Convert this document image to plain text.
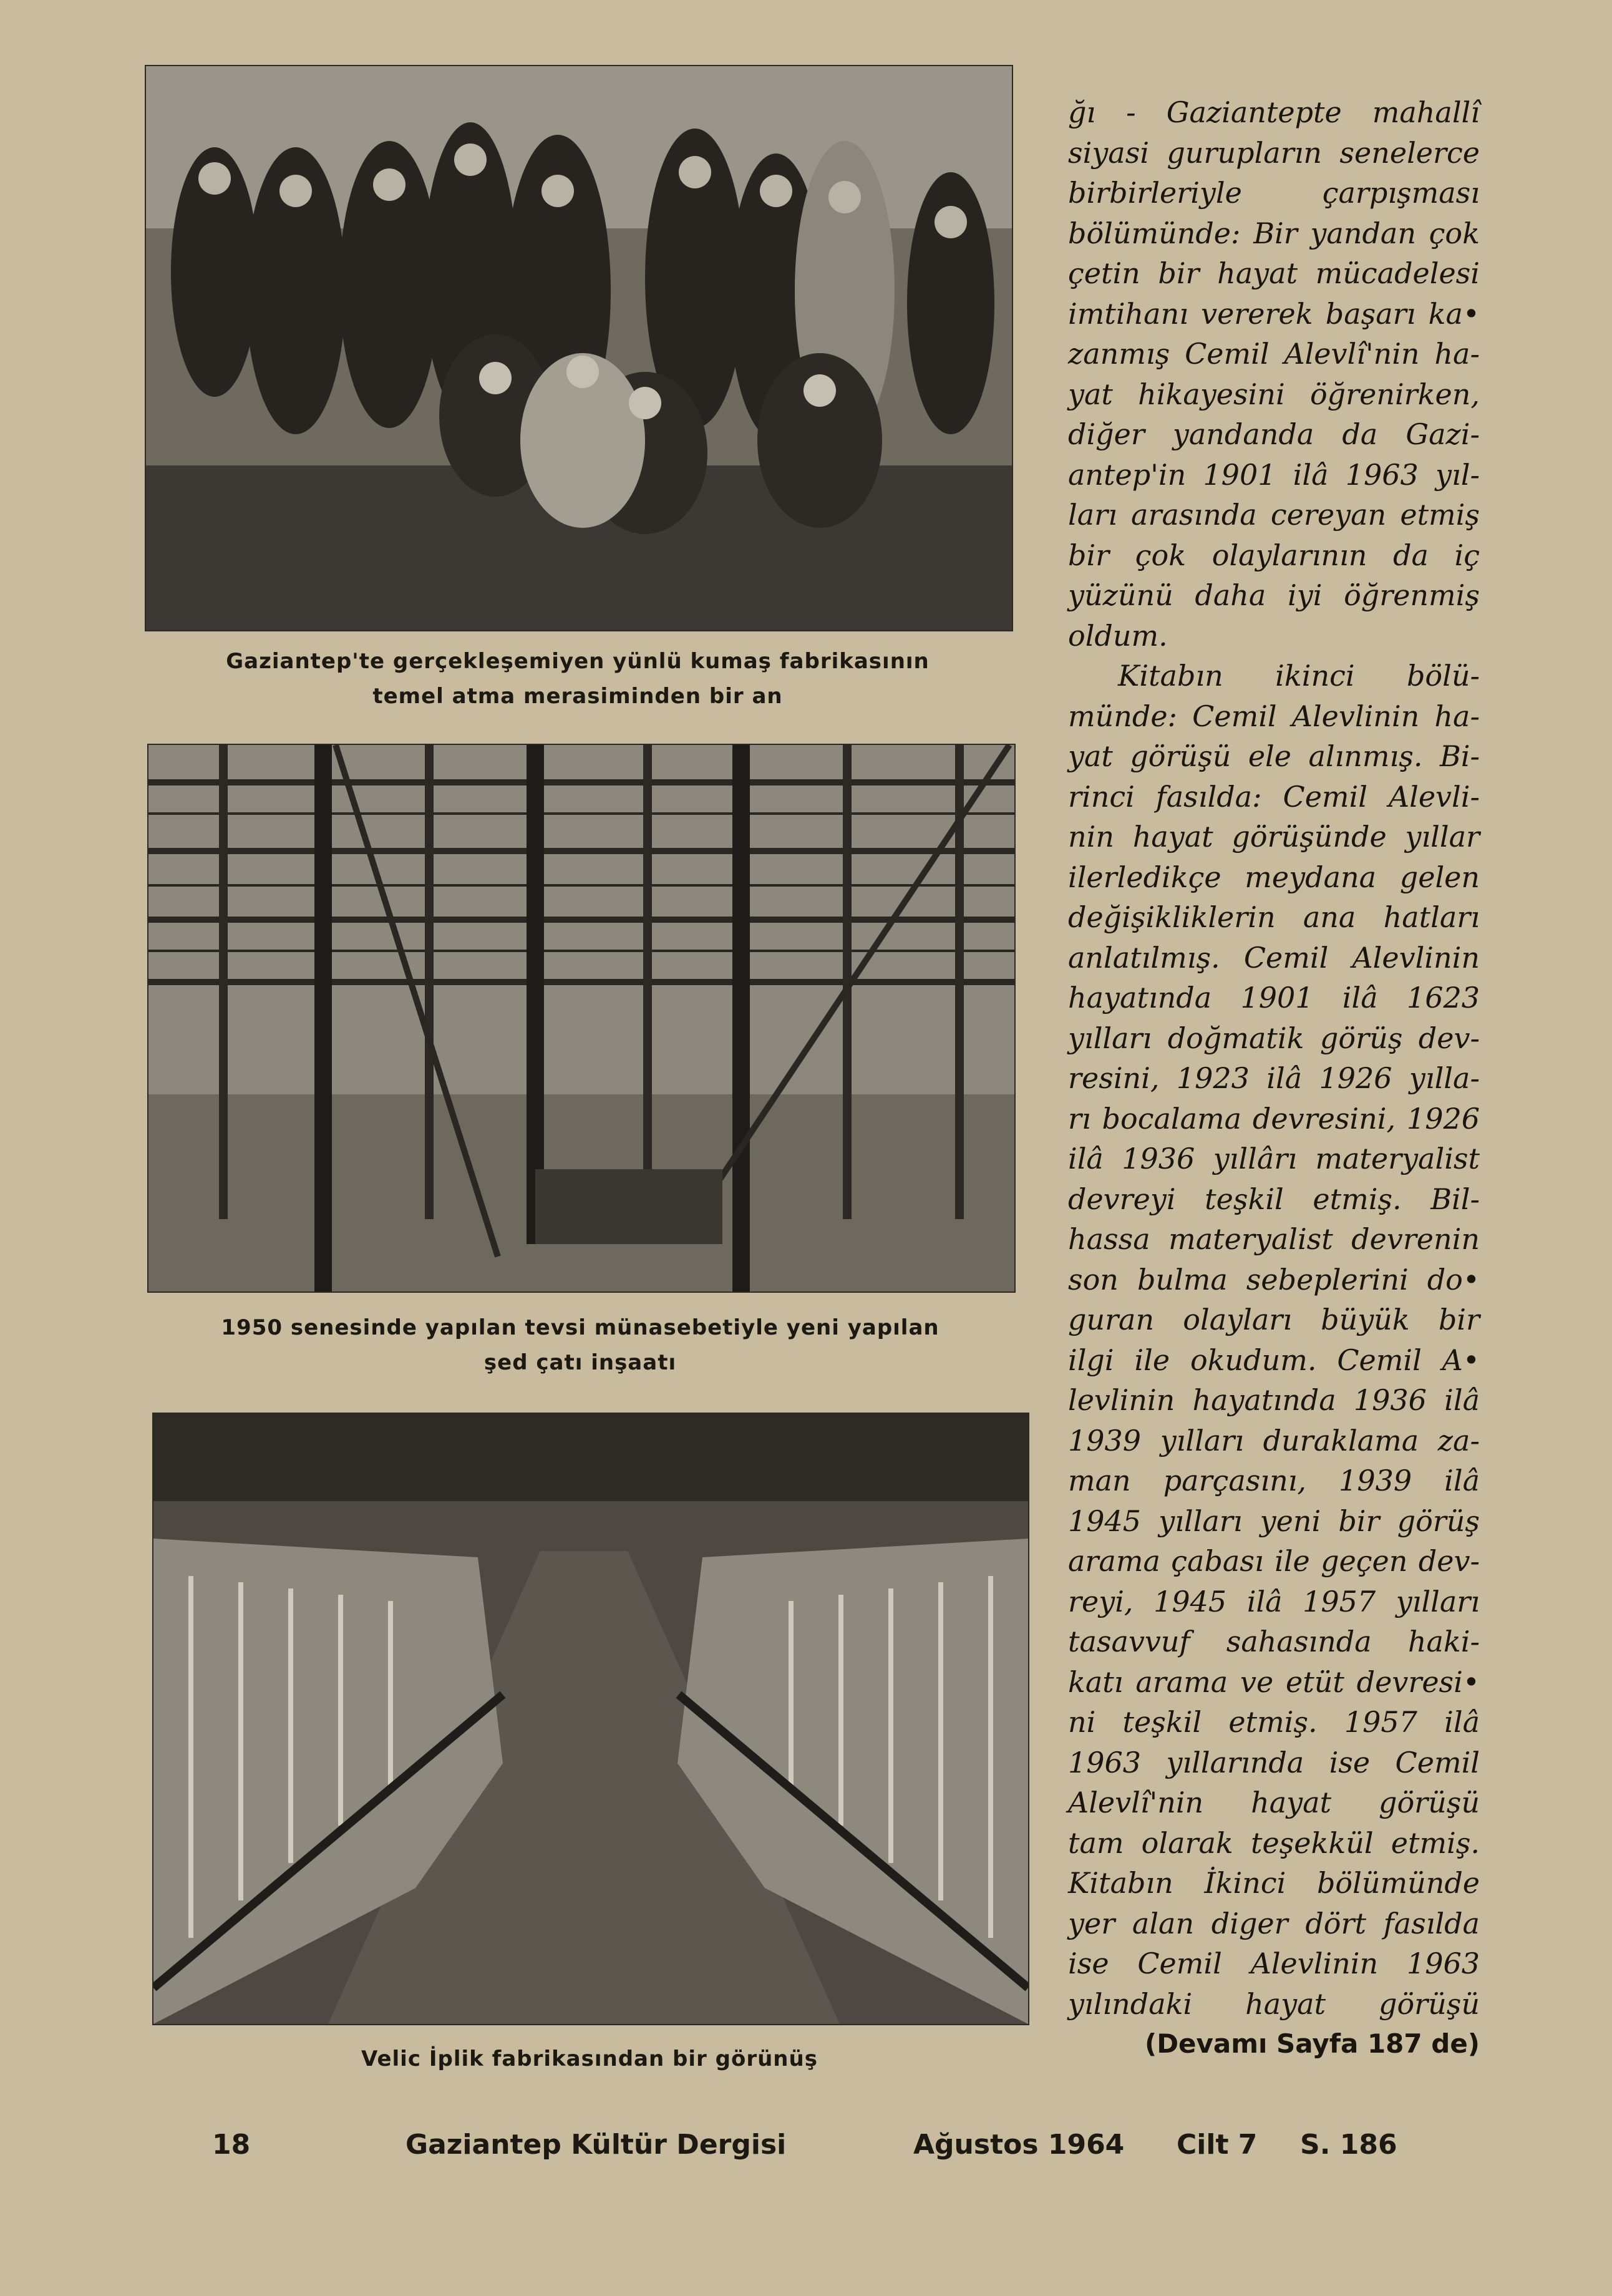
Gaziantep'te gerçekleşemiyen yünlü kumaş fabrikasının
temel atma merasiminden bir an
1950 senesinde yapılan tevsi münasebetiyle yeni yapılan
şed çatı inşaatı
Velic İplik fabrikasından bir görünüş
ğı - Gaziantepte mahallî
siyasi gurupların senelerce
birbirleriyle çarpışması
bölümünde: Bir yandan çok
çetin bir hayat mücadelesi
imtihanı vererek başarı ka•
zanmış Cemil Alevlî'nin ha-
yat hikayesini öğrenirken,
diğer yandanda da Gazi-
antep'in 1901 ilâ 1963 yıl-
ları arasında cereyan etmiş
bir çok olaylarının da iç
yüzünü daha iyi öğrenmiş
oldum.
Kitabın ikinci bölü-
münde: Cemil Alevlinin ha-
yat görüşü ele alınmış. Bi-
rinci fasılda: Cemil Alevli-
nin hayat görüşünde yıllar
ilerledikçe meydana gelen
değişikliklerin ana hatları
anlatılmış. Cemil Alevlinin
hayatında 1901 ilâ 1623
yılları doğmatik görüş dev-
resini, 1923 ilâ 1926 yılla-
rı bocalama devresini, 1926
ilâ 1936 yıllârı materyalist
devreyi teşkil etmiş. Bil-
hassa materyalist devrenin
son bulma sebeplerini do•
guran olayları büyük bir
ilgi ile okudum. Cemil A•
levlinin hayatında 1936 ilâ
1939 yılları duraklama za-
man parçasını, 1939 ilâ
1945 yılları yeni bir görüş
arama çabası ile geçen dev-
reyi, 1945 ilâ 1957 yılları
tasavvuf sahasında haki-
katı arama ve etüt devresi•
ni teşkil etmiş. 1957 ilâ
1963 yıllarında ise Cemil
Alevlî'nin hayat görüşü
tam olarak teşekkül etmiş.
Kitabın İkinci bölümünde
yer alan diger dört fasılda
ise Cemil Alevlinin 1963
yılındaki hayat görüşü
(Devamı Sayfa 187 de)
18	Gaziantep Kültür Dergisi	Ağustos 1964 Cilt 7 S. 186
